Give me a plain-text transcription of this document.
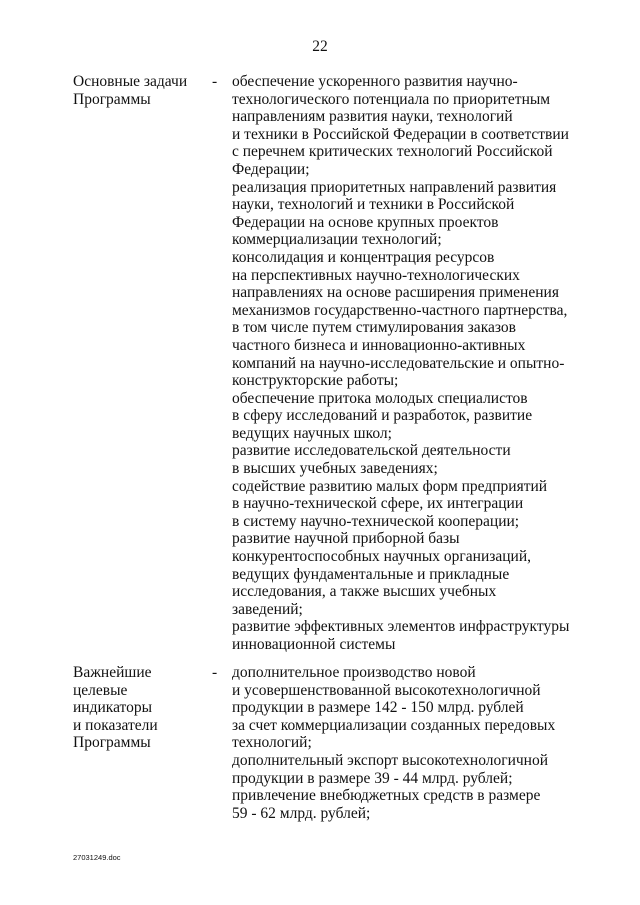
22
Основные задачи
Программы
- обеспечение ускоренного развития научно-
технологического потенциала по приоритетным
направлениям развития науки, технологий
и техники в Российской Федерации в соответствии
с перечнем критических технологий Российской
Федерации;
реализация приоритетных направлений развития
науки, технологий и техники в Российской
Федерации на основе крупных проектов
коммерциализации технологий;
консолидация и концентрация ресурсов
на перспективных научно-технологических
направлениях на основе расширения применения
механизмов государственно-частного партнерства,
в том числе путем стимулирования заказов
частного бизнеса и инновационно-активных
компаний на научно-исследовательские и опытно-
конструкторские работы;
обеспечение притока молодых специалистов
в сферу исследований и разработок, развитие
ведущих научных школ;
развитие исследовательской деятельности
в высших учебных заведениях;
содействие развитию малых форм предприятий
в научно-технической сфере, их интеграции
в систему научно-технической кооперации;
развитие научной приборной базы
конкурентоспособных научных организаций,
ведущих фундаментальные и прикладные
исследования, а также высших учебных
заведений;
развитие эффективных элементов инфраструктуры
инновационной системы
Важнейшие
целевые
индикаторы
и показатели
Программы
- дополнительное производство новой
и усовершенствованной высокотехнологичной
продукции в размере 142 - 150 млрд. рублей
за счет коммерциализации созданных передовых
технологий;
дополнительный экспорт высокотехнологичной
продукции в размере 39 - 44 млрд. рублей;
привлечение внебюджетных средств в размере
59 - 62 млрд. рублей;
27031249.doc
